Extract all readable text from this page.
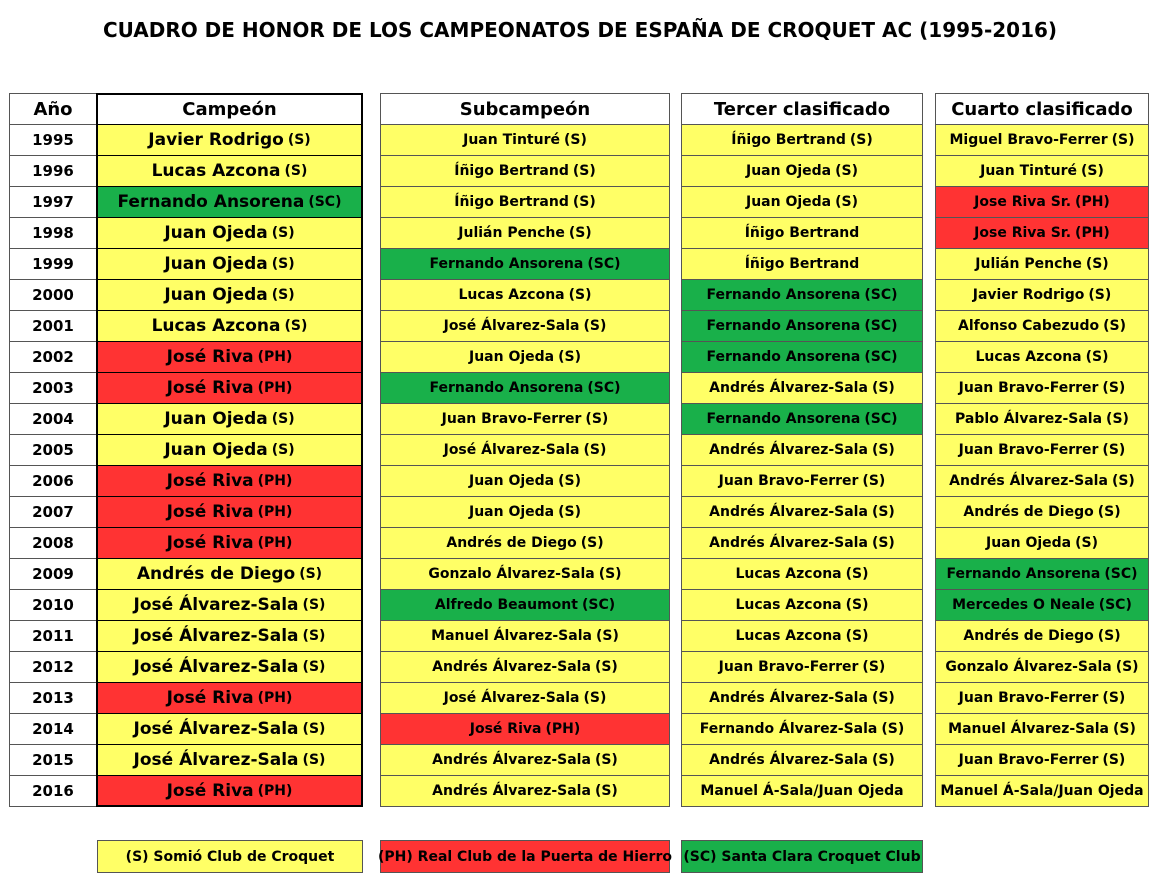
CUADRO DE HONOR DE LOS CAMPEONATOS DE ESPAÑA DE CROQUET AC (1995-2016)
Año
1995
1996
1997
1998
1999
2000
2001
2002
2003
2004
2005
2006
2007
2008
2009
2010
2011
2012
2013
2014
2015
2016
Campeón
Javier Rodrigo (S)
Lucas Azcona (S)
Fernando Ansorena (SC)
Juan Ojeda (S)
Juan Ojeda (S)
Juan Ojeda (S)
Lucas Azcona (S)
José Riva (PH)
José Riva (PH)
Juan Ojeda (S)
Juan Ojeda (S)
José Riva (PH)
José Riva (PH)
José Riva (PH)
Andrés de Diego (S)
José Álvarez-Sala (S)
José Álvarez-Sala (S)
José Álvarez-Sala (S)
José Riva (PH)
José Álvarez-Sala (S)
José Álvarez-Sala (S)
José Riva (PH)
Subcampeón
Juan Tinturé (S)
Íñigo Bertrand (S)
Íñigo Bertrand (S)
Julián Penche (S)
Fernando Ansorena (SC)
Lucas Azcona (S)
José Álvarez-Sala (S)
Juan Ojeda (S)
Fernando Ansorena (SC)
Juan Bravo-Ferrer (S)
José Álvarez-Sala (S)
Juan Ojeda (S)
Juan Ojeda (S)
Andrés de Diego (S)
Gonzalo Álvarez-Sala (S)
Alfredo Beaumont (SC)
Manuel Álvarez-Sala (S)
Andrés Álvarez-Sala (S)
José Álvarez-Sala (S)
José Riva (PH)
Andrés Álvarez-Sala (S)
Andrés Álvarez-Sala (S)
Tercer clasificado
Íñigo Bertrand (S)
Juan Ojeda (S)
Juan Ojeda (S)
Íñigo Bertrand
Íñigo Bertrand
Fernando Ansorena (SC)
Fernando Ansorena (SC)
Fernando Ansorena (SC)
Andrés Álvarez-Sala (S)
Fernando Ansorena (SC)
Andrés Álvarez-Sala (S)
Juan Bravo-Ferrer (S)
Andrés Álvarez-Sala (S)
Andrés Álvarez-Sala (S)
Lucas Azcona (S)
Lucas Azcona (S)
Lucas Azcona (S)
Juan Bravo-Ferrer (S)
Andrés Álvarez-Sala (S)
Fernando Álvarez-Sala (S)
Andrés Álvarez-Sala (S)
Manuel Á-Sala/Juan Ojeda
Cuarto clasificado
Miguel Bravo-Ferrer (S)
Juan Tinturé (S)
Jose Riva Sr. (PH)
Jose Riva Sr. (PH)
Julián Penche (S)
Javier Rodrigo (S)
Alfonso Cabezudo (S)
Lucas Azcona (S)
Juan Bravo-Ferrer (S)
Pablo Álvarez-Sala (S)
Juan Bravo-Ferrer (S)
Andrés Álvarez-Sala (S)
Andrés de Diego (S)
Juan Ojeda (S)
Fernando Ansorena (SC)
Mercedes O Neale (SC)
Andrés de Diego (S)
Gonzalo Álvarez-Sala (S)
Juan Bravo-Ferrer (S)
Manuel Álvarez-Sala (S)
Juan Bravo-Ferrer (S)
Manuel Á-Sala/Juan Ojeda
(S) Somió Club de Croquet	(PH) Real Club de la Puerta de Hierro (SC) Santa Clara Croquet Club
